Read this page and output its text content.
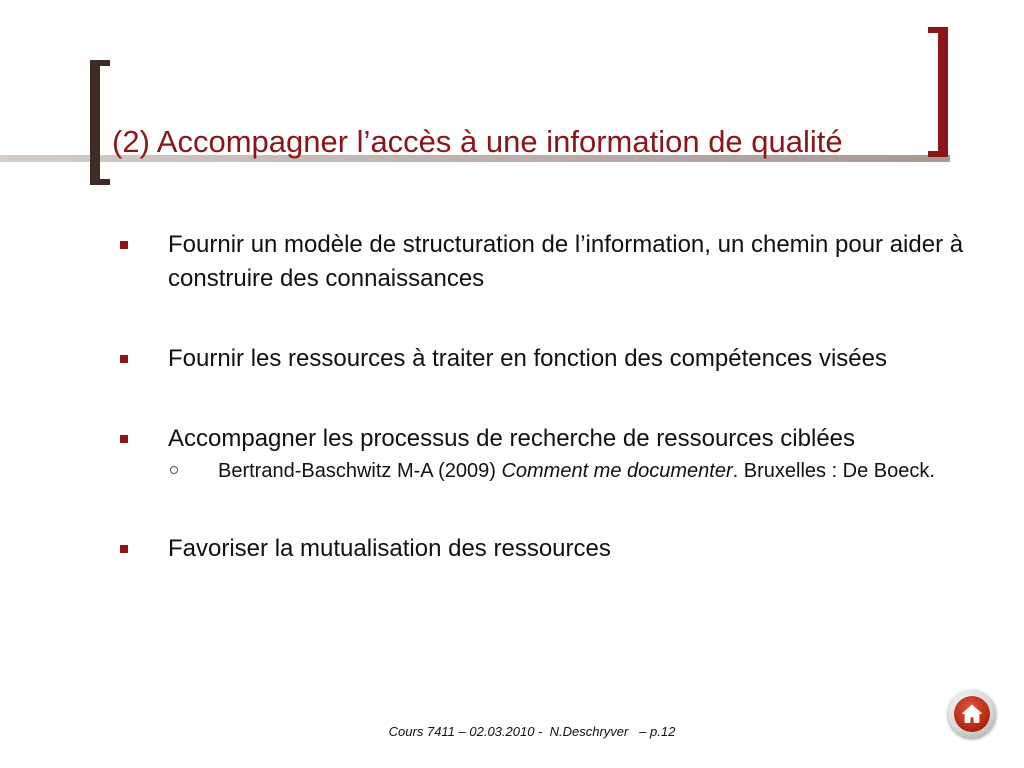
(2) Accompagner l’accès à une information de qualité
Fournir un modèle de structuration de l’information, un chemin pour aider à construire des connaissances
Fournir les ressources à traiter en fonction des compétences visées
Accompagner les processus de recherche de ressources ciblées
Bertrand-Baschwitz M-A (2009) Comment me documenter. Bruxelles : De Boeck.
Favoriser la mutualisation des ressources
Cours 7411 – 02.03.2010 -  N.Deschryver   – p.12
